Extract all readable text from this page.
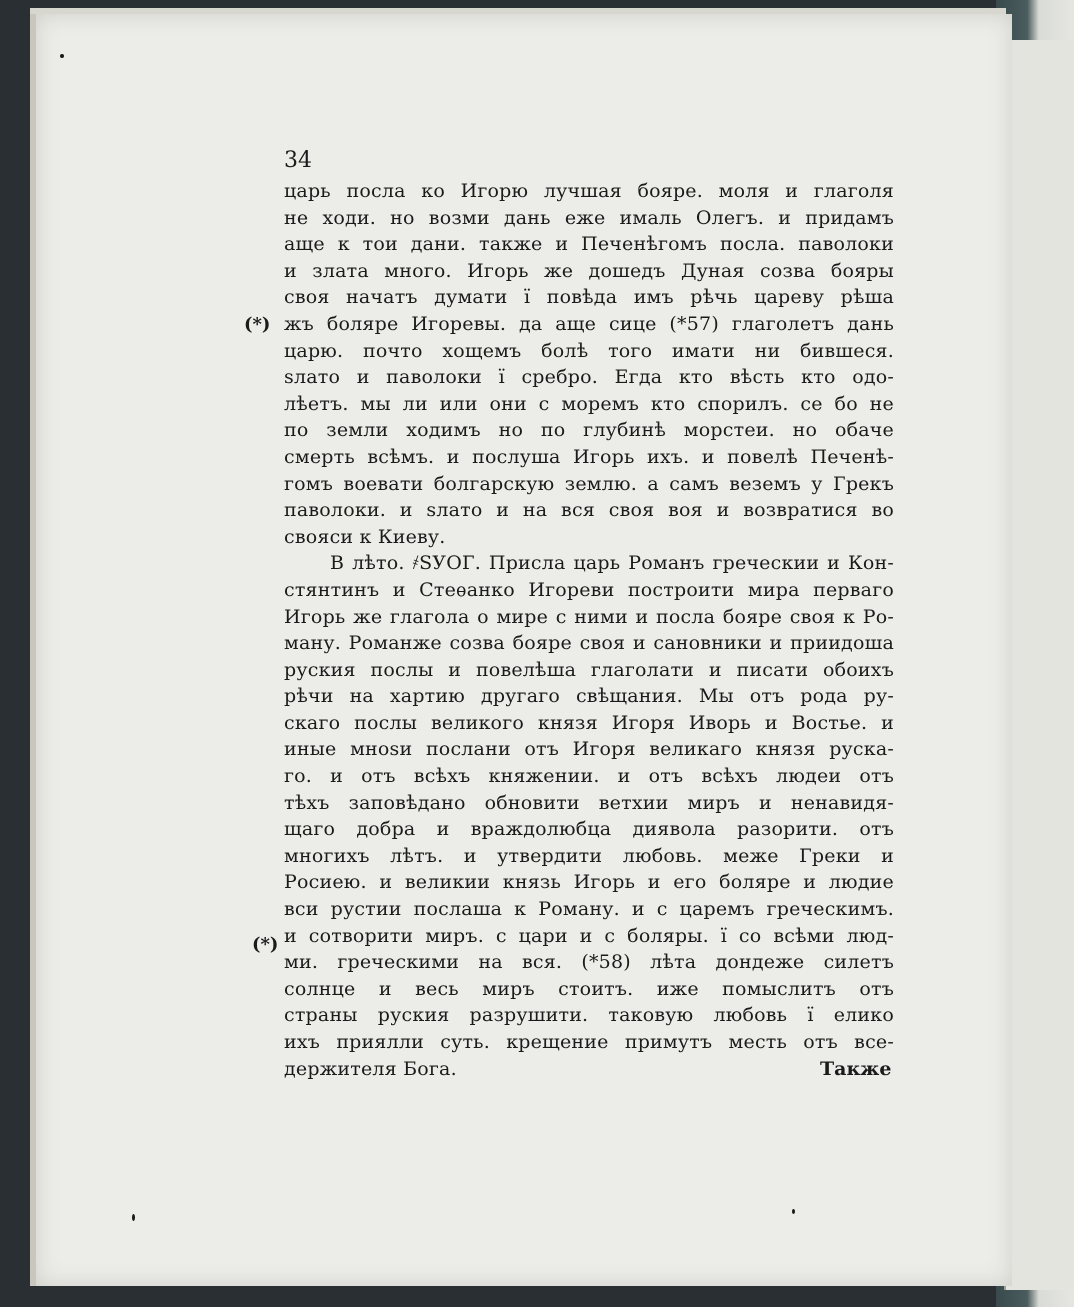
34
(*)
(*)
царь посла ко Игорю лучшая бояре. моля и глаголя
не ходи. но возми дань еже ималь Олегъ. и придамъ
аще к тои дани. также и Печенѣгомъ посла. паволоки
и злата много. Игорь же дошедъ Дуная созва бояры
своя начатъ думати ї повѣда имъ рѣчь цареву рѣша
жъ боляре Игоревы. да аще сице (*57) глаголетъ дань
царю. почто хощемъ болѣ того имати ни бившеся.
ѕлато и паволоки ї сребро. Егда кто вѣсть кто одо-
лѣетъ. мы ли или они с моремъ кто спорилъ. се бо не
по земли ходимъ но по глубинѣ морстеи. но обаче
смерть всѣмъ. и послуша Игорь ихъ. и повелѣ Печенѣ-
гомъ воевати болгарскую землю. а самъ веземъ у Грекъ
паволоки. и ѕлато и на вся своя воя и возвратися во
свояси к Киеву.
В лѣто. ҂ЅУОГ. Присла царь Романъ греческии и Кон-
стянтинъ и Стеѳанко Игореви построити мира перваго
Игорь же глагола о мире с ними и посла бояре своя к Ро-
ману. Романже созва бояре своя и сановники и приидоша
руския послы и повелѣша глаголати и писати обоихъ
рѣчи на хартию другаго свѣщания. Мы отъ рода ру-
скаго послы великого князя Игоря Иворь и Востье. и
иные мноѕи послани отъ Игоря великаго князя руска-
го. и отъ всѣхъ княжении. и отъ всѣхъ людеи отъ
тѣхъ заповѣдано обновити ветхии миръ и ненавидя-
щаго добра и враждолюбца диявола разорити. отъ
многихъ лѣтъ. и утвердити любовь. меже Греки и
Росиею. и великии князь Игорь и его боляре и людие
вси рустии послаша к Роману. и с царемъ греческимъ.
и сотворити миръ. с цари и с боляры. ї со всѣми люд-
ми. греческими на вся. (*58) лѣта дондеже силетъ
солнце и весь миръ стоитъ. иже помыслитъ отъ
страны руския разрушити. таковую любовь ї елико
ихъ приялли суть. крещение примутъ месть отъ все-
держителя Бога.	Также
